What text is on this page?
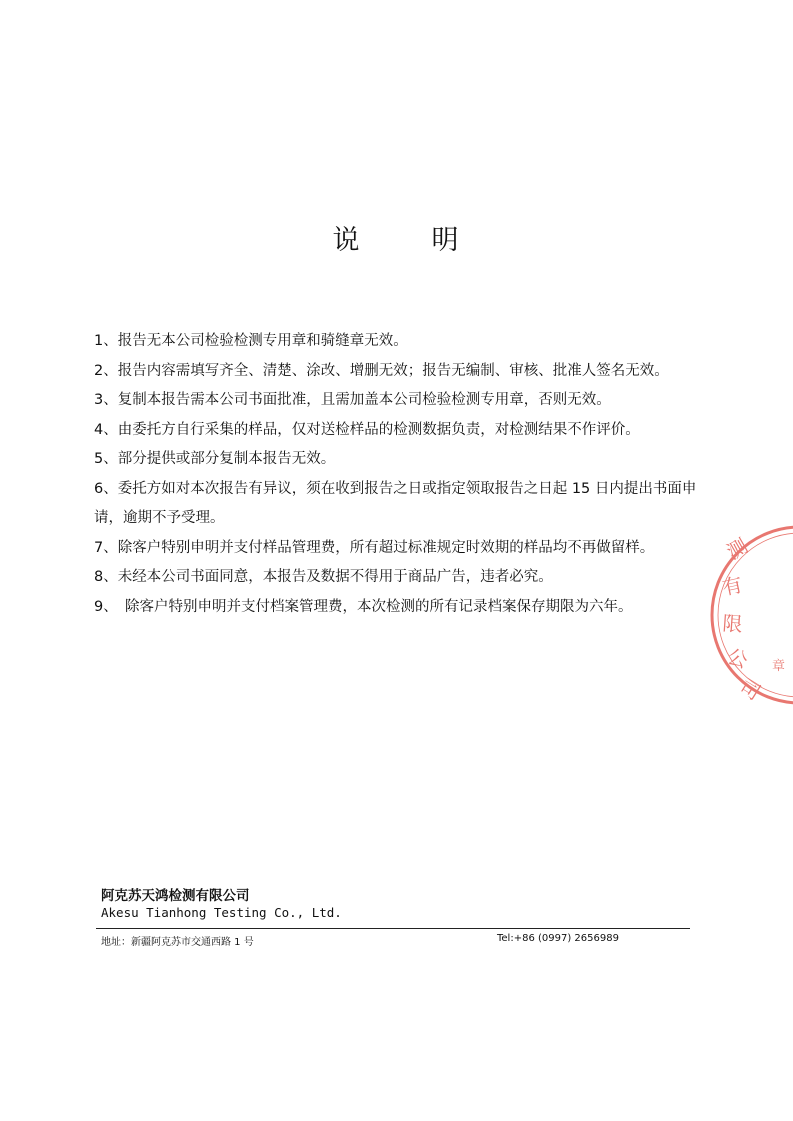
说	明
1、报告无本公司检验检测专用章和骑缝章无效。
2、报告内容需填写齐全、清楚、涂改、增删无效；报告无编制、审核、批准人签名无效。
3、复制本报告需本公司书面批准，且需加盖本公司检验检测专用章，否则无效。
4、由委托方自行采集的样品，仅对送检样品的检测数据负责，对检测结果不作评价。
5、部分提供或部分复制本报告无效。
6、委托方如对本次报告有异议，须在收到报告之日或指定领取报告之日起 15 日内提出书面申请，逾期不予受理。
7、除客户特别申明并支付样品管理费，所有超过标准规定时效期的样品均不再做留样。
8、未经本公司书面同意，本报告及数据不得用于商品广告，违者必究。
9、　除客户特别申明并支付档案管理费，本次检测的所有记录档案保存期限为六年。
测
有
限
公
司
章
阿克苏天鸿检测有限公司
Akesu Tianhong Testing Co., Ltd.
地址：新疆阿克苏市交通西路 1 号	Tel:+86 (0997) 2656989
